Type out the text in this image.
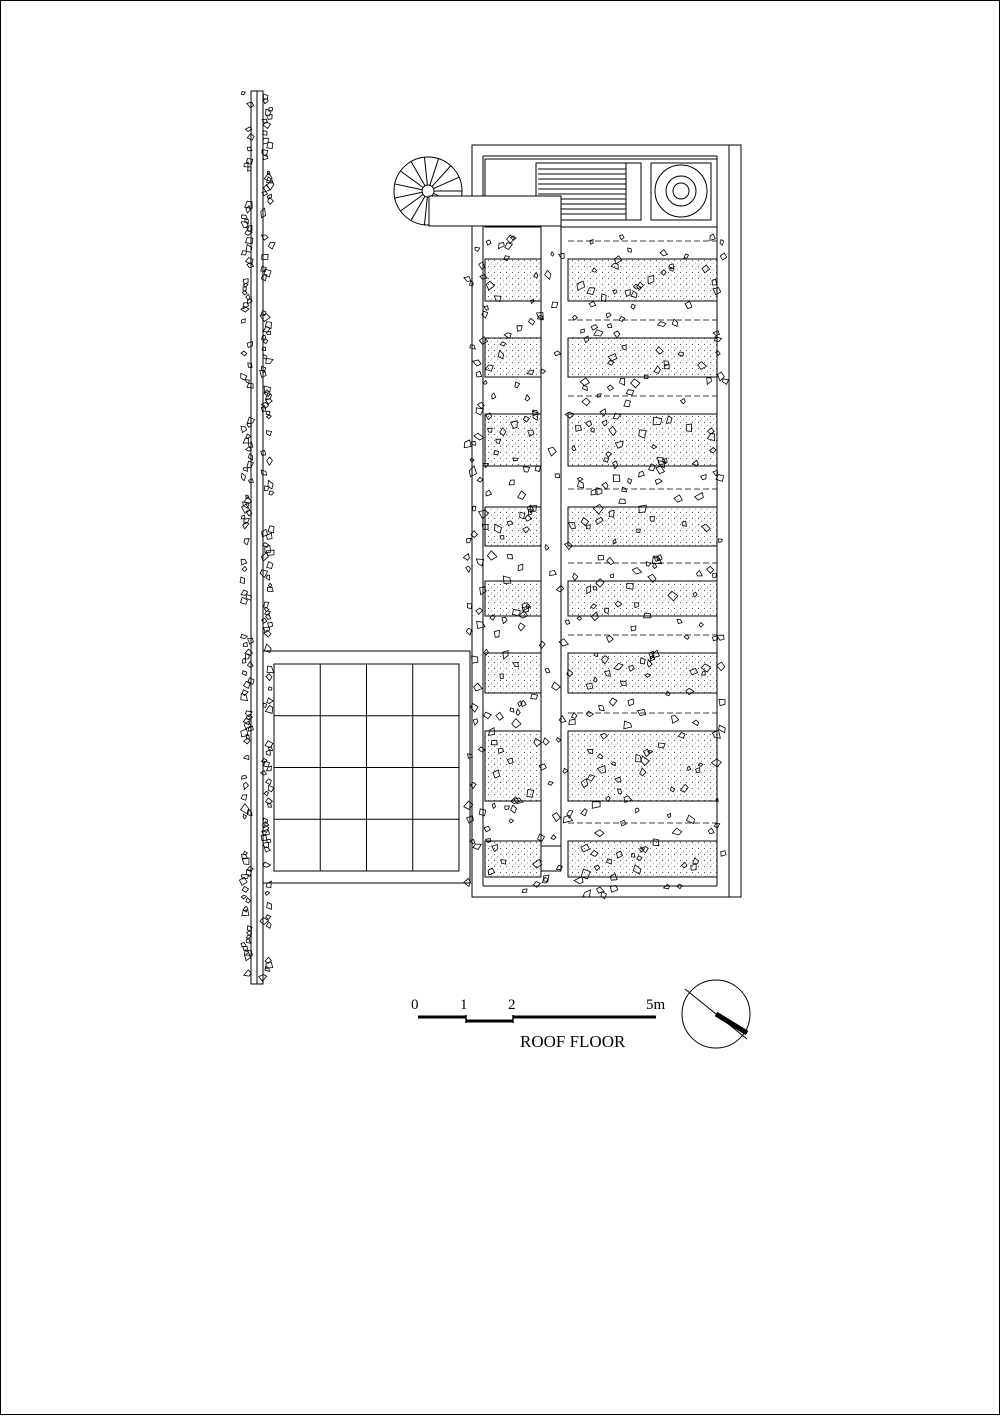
0	1	2	5m
ROOF FLOOR
